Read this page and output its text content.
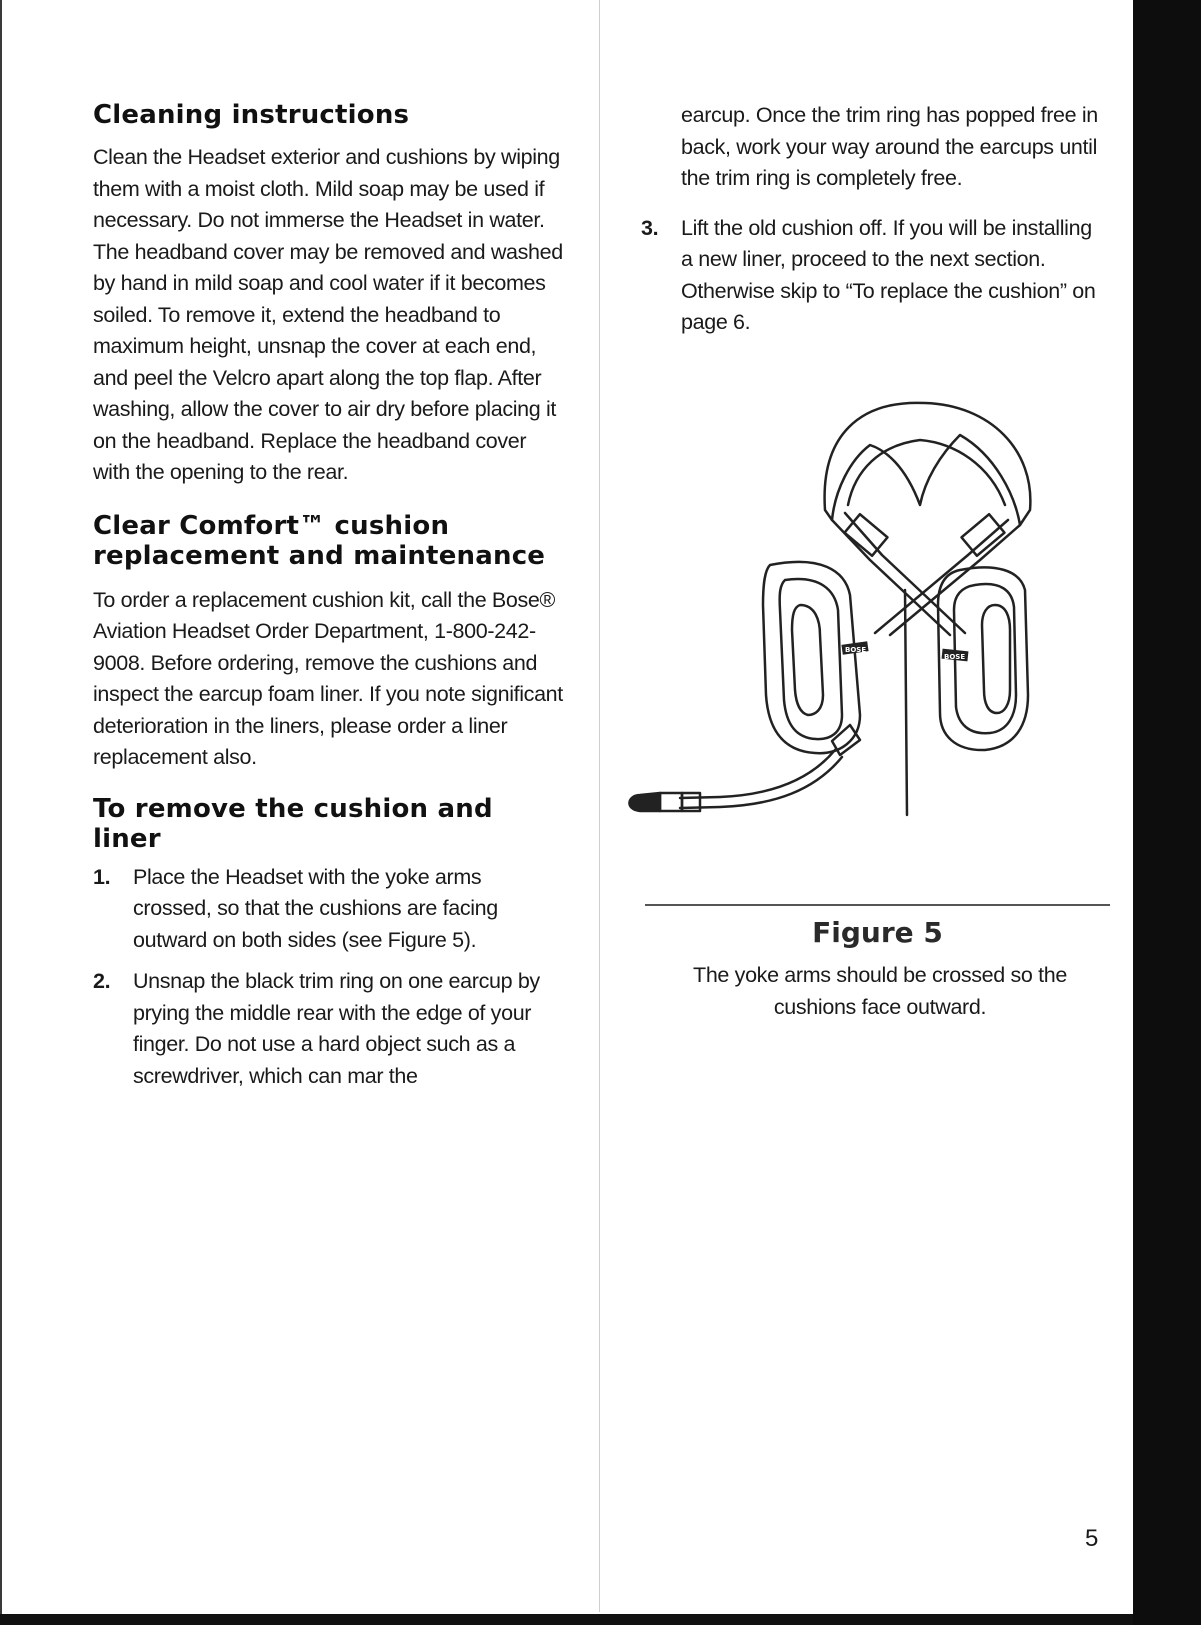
Cleaning instructions

Clean the Headset exterior and cushions by wiping them with a moist cloth. Mild soap may be used if necessary. Do not immerse the Headset in water. The headband cover may be removed and washed by hand in mild soap and cool water if it becomes soiled. To remove it, extend the headband to maximum height, unsnap the cover at each end, and peel the Velcro apart along the top flap. After washing, allow the cover to air dry before placing it on the headband. Replace the headband cover with the opening to the rear.

Clear Comfort™ cushion replacement and maintenance

To order a replacement cushion kit, call the Bose® Aviation Headset Order Department, 1-800-242-9008. Before ordering, remove the cushions and inspect the earcup foam liner. If you note significant deterioration in the liners, please order a liner replacement also.

To remove the cushion and liner
1. Place the Headset with the yoke arms crossed, so that the cushions are facing outward on both sides (see Figure 5).
2. Unsnap the black trim ring on one earcup by prying the middle rear with the edge of your finger. Do not use a hard object such as a screwdriver, which can mar the
earcup. Once the trim ring has popped free in back, work your way around the earcups until the trim ring is completely free.
3. Lift the old cushion off. If you will be installing a new liner, proceed to the next section. Otherwise skip to “To replace the cushion” on page 6.
BOSE
BOSE
Figure 5
The yoke arms should be crossed so the cushions face outward.
5
